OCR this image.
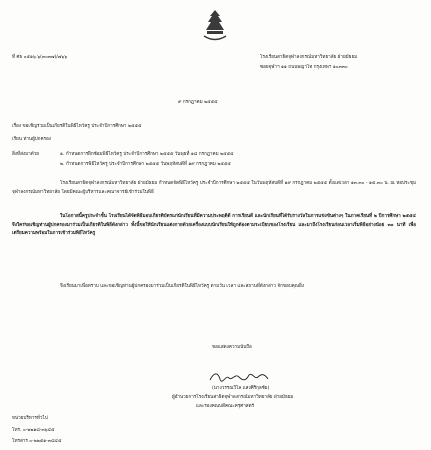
ที่ ศธ ๐๕๑๖.๖(๓๐๓๗)/๗๖๖	โรงเรียนสาธิตจุฬาลงกรณ์มหาวิทยาลัย ฝ่ายมัธยม
ซอยจุฬาฯ ๑๑ ถนนพญาไท กรุงเทพฯ ๑๐๓๓๐
๙ กรกฎาคม ๒๕๕๕
เรื่อง ขอเชิญร่วมเป็นเกียรติในพิธีไหว้ครู ประจำปีการศึกษา ๒๕๕๕
เรียน ท่านผู้ปกครอง
สิ่งที่ส่งมาด้วย	๑. กำหนดการฝึกซ้อมพิธีไหว้ครู ประจำปีการศึกษา ๒๕๕๕ วันพุธที่ ๑๘ กรกฎาคม ๒๕๕๕
๒. กำหนดการพิธีไหว้ครู ประจำปีการศึกษา ๒๕๕๕ วันพฤหัสบดีที่ ๑๙ กรกฎาคม ๒๕๕๕
โรงเรียนสาธิตจุฬาลงกรณ์มหาวิทยาลัย ฝ่ายมัธยม กำหนดจัดพิธีไหว้ครู ประจำปีการศึกษา ๒๕๕๕ ในวันพฤหัสบดีที่ ๑๙ กรกฎาคม ๒๕๕๕ ตั้งแต่เวลา ๑๓.๓๐ - ๑๕.๓๐ น. ณ หอประชุมจุฬาลงกรณ์มหาวิทยาลัย โดยมีคณะผู้บริหารและคณาจารย์เข้าร่วมในพิธี
ในโอกาสนี้ครูประจำชั้น โรงเรียนได้จัดพิธีมอบเกียรติบัตรแก่นักเรียนที่มีความประพฤติดี การเรียนดี และนักเรียนที่ได้รับรางวัลในการแข่งขันต่างๆ ในภาคเรียนที่ ๒ ปีการศึกษา ๒๕๕๔ จึงใคร่ขอเชิญท่านผู้ปกครองมาร่วมเป็นเกียรติในพิธีดังกล่าว ทั้งนี้ขอให้นักเรียนแต่งกายด้วยเครื่องแบบนักเรียนให้ถูกต้องตามระเบียบของโรงเรียน และมาถึงโรงเรียนก่อนเวลาเริ่มพิธีอย่างน้อย ๓๐ นาที เพื่อเตรียมความพร้อมในการเข้าร่วมพิธีไหว้ครู
จึงเรียนมาเพื่อทราบ และขอเชิญท่านผู้ปกครองมาร่วมเป็นเกียรติในพิธีไหว้ครู ตามวัน เวลา และสถานที่ดังกล่าว จักขอบคุณยิ่ง
ขอแสดงความนับถือ
(นางวรรณวิไล แสงศิริกุลชัย)
ผู้อำนวยการโรงเรียนสาธิตจุฬาลงกรณ์มหาวิทยาลัย ฝ่ายมัธยม
และรองคณบดีคณะครุศาสตร์
หน่วยบริหารทั่วไป
โทร. ๐-๒๒๑๘-๓๖๔๕
โทรสาร ๐-๒๒๕๑-๓๘๔๕
